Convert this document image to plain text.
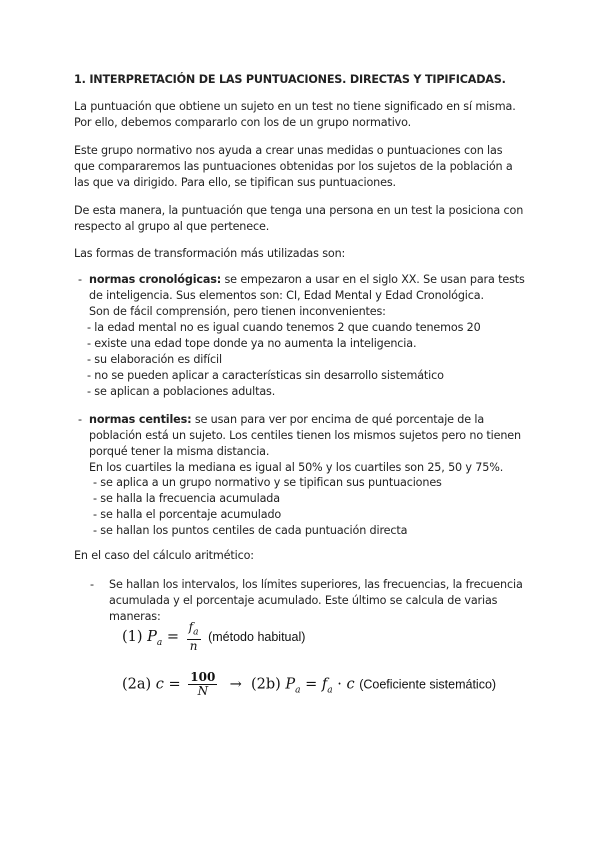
1. INTERPRETACIÓN DE LAS PUNTUACIONES. DIRECTAS Y TIPIFICADAS.
La puntuación que obtiene un sujeto en un test no tiene significado en sí misma.
Por ello, debemos compararlo con los de un grupo normativo.
Este grupo normativo nos ayuda a crear unas medidas o puntuaciones con las
que compararemos las puntuaciones obtenidas por los sujetos de la población a
las que va dirigido. Para ello, se tipifican sus puntuaciones.
De esta manera, la puntuación que tenga una persona en un test la posiciona con
respecto al grupo al que pertenece.
Las formas de transformación más utilizadas son:
- normas cronológicas: se empezaron a usar en el siglo XX. Se usan para tests
de inteligencia. Sus elementos son: CI, Edad Mental y Edad Cronológica.
Son de fácil comprensión, pero tienen inconvenientes:
- la edad mental no es igual cuando tenemos 2 que cuando tenemos 20
- existe una edad tope donde ya no aumenta la inteligencia.
- su elaboración es difícil
- no se pueden aplicar a características sin desarrollo sistemático
- se aplican a poblaciones adultas.
- normas centiles: se usan para ver por encima de qué porcentaje de la
población está un sujeto. Los centiles tienen los mismos sujetos pero no tienen
porqué tener la misma distancia.
En los cuartiles la mediana es igual al 50% y los cuartiles son 25, 50 y 75%.
- se aplica a un grupo normativo y se tipifican sus puntuaciones
- se halla la frecuencia acumulada
- se halla el porcentaje acumulado
- se hallan los puntos centiles de cada puntuación directa
En el caso del cálculo aritmético:
- Se hallan los intervalos, los límites superiores, las frecuencias, la frecuencia
acumulada y el porcentaje acumulado. Este último se calcula de varias
maneras:
(1) $P_a = \frac{f_a}{n}$ (método habitual)
(2a) $c = \frac{100}{N} \to (2b) P_a = f_a \cdot c$ (Coeficiente sistemático)
